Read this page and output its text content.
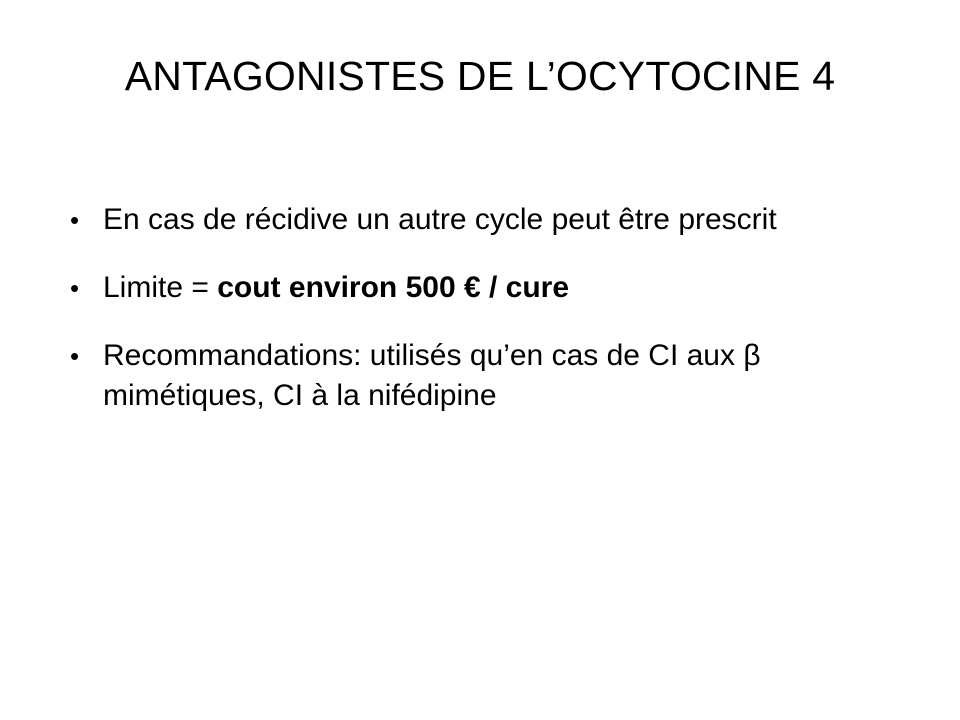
ANTAGONISTES DE L’OCYTOCINE 4
• En cas de récidive un autre cycle peut être prescrit
• Limite = cout environ 500 € / cure
• Recommandations: utilisés qu’en cas de CI aux β mimétiques, CI à la nifédipine
